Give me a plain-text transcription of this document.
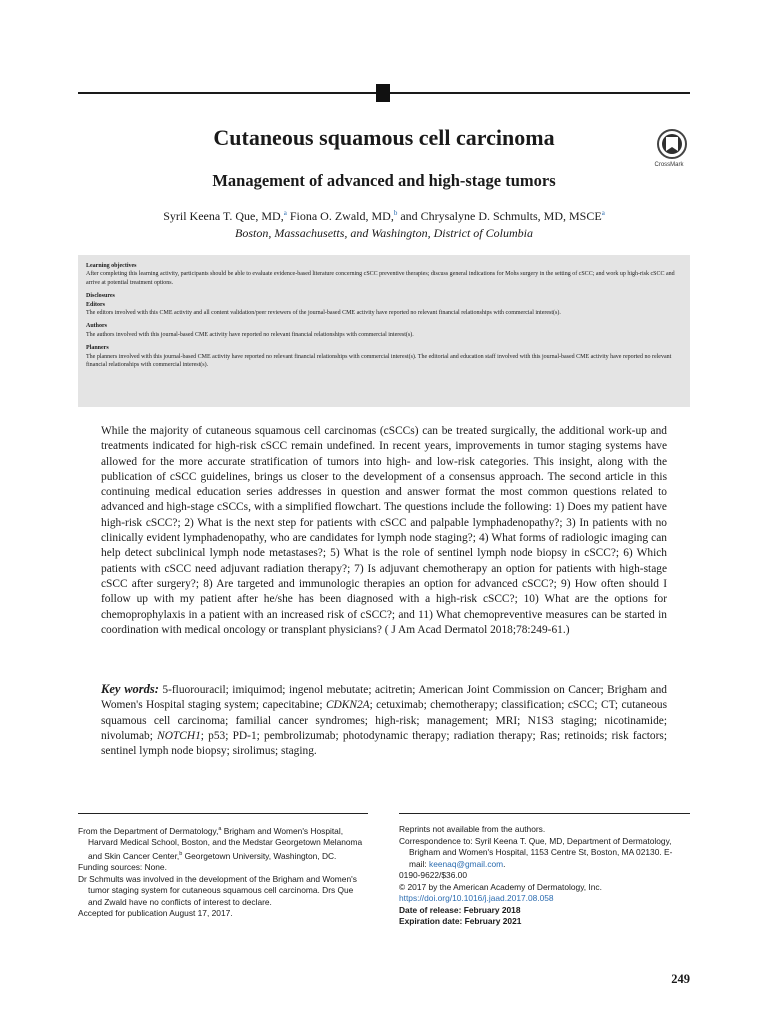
Cutaneous squamous cell carcinoma
Management of advanced and high-stage tumors
CrossMark
Syril Keena T. Que, MD,$^a$ Fiona O. Zwald, MD,$^b$ and Chrysalyne D. Schmults, MD, MSCE$^a$
Boston, Massachusetts, and Washington, District of Columbia

Learning objectives

After completing this learning activity, participants should be able to evaluate evidence-based literature concerning cSCC preventive therapies; discuss general indications for Mohs surgery in the setting of cSCC; and work up high-risk cSCC and arrive at potential treatment options.

Disclosures

Editors

The editors involved with this CME activity and all content validation/peer reviewers of the journal-based CME activity have reported no relevant financial relationships with commercial interest(s).

Authors

The authors involved with this journal-based CME activity have reported no relevant financial relationships with commercial interest(s).

Planners

The planners involved with this journal-based CME activity have reported no relevant financial relationships with commercial interest(s). The editorial and education staff involved with this journal-based CME activity have reported no relevant financial relationships with commercial interest(s).

While the majority of cutaneous squamous cell carcinomas (cSCCs) can be treated surgically, the additional work-up and treatments indicated for high-risk cSCC remain undefined. In recent years, improvements in tumor staging systems have allowed for the more accurate stratification of tumors into high- and low-risk categories. This insight, along with the publication of cSCC guidelines, brings us closer to the development of a consensus approach. The second article in this continuing medical education series addresses in question and answer format the most common questions related to advanced and high-stage cSCCs, with a simplified flowchart. The questions include the following: 1) Does my patient have high-risk cSCC?; 2) What is the next step for patients with cSCC and palpable lymphadenopathy?; 3) In patients with no clinically evident lymphadenopathy, who are candidates for lymph node staging?; 4) What forms of radiologic imaging can help detect subclinical lymph node metastases?; 5) What is the role of sentinel lymph node biopsy in cSCC?; 6) Which patients with cSCC need adjuvant radiation therapy?; 7) Is adjuvant chemotherapy an option for patients with high-stage cSCC after surgery?; 8) Are targeted and immunologic therapies an option for advanced cSCC?; 9) How often should I follow up with my patient after he/she has been diagnosed with a high-risk cSCC?; 10) What are the options for chemoprophylaxis in a patient with an increased risk of cSCC?; and 11) What chemopreventive measures can be started in coordination with medical oncology or transplant physicians? ( J Am Acad Dermatol 2018;78:249-61.)

Key words: 5-fluorouracil; imiquimod; ingenol mebutate; acitretin; American Joint Commission on Cancer; Brigham and Women's Hospital staging system; capecitabine; CDKN2A; cetuximab; chemotherapy; classification; cSCC; CT; cutaneous squamous cell carcinoma; familial cancer syndromes; high-risk; management; MRI; N1S3 staging; nicotinamide; nivolumab; NOTCH1; p53; PD-1; pembrolizumab; photodynamic therapy; radiation therapy; Ras; retinoids; risk factors; sentinel lymph node biopsy; sirolimus; staging.

From the Department of Dermatology,$^a$ Brigham and Women's Hospital, Harvard Medical School, Boston, and the Medstar Georgetown Melanoma and Skin Cancer Center,$^b$ Georgetown University, Washington, DC.

Funding sources: None.

Dr Schmults was involved in the development of the Brigham and Women's tumor staging system for cutaneous squamous cell carcinoma. Drs Que and Zwald have no conflicts of interest to declare.

Accepted for publication August 17, 2017.

Reprints not available from the authors.

Correspondence to: Syril Keena T. Que, MD, Department of Dermatology, Brigham and Women's Hospital, 1153 Centre St, Boston, MA 02130. E-mail: keenaq@gmail.com.

0190-9622/$36.00

© 2017 by the American Academy of Dermatology, Inc.

https://doi.org/10.1016/j.jaad.2017.08.058

Date of release: February 2018

Expiration date: February 2021

249
